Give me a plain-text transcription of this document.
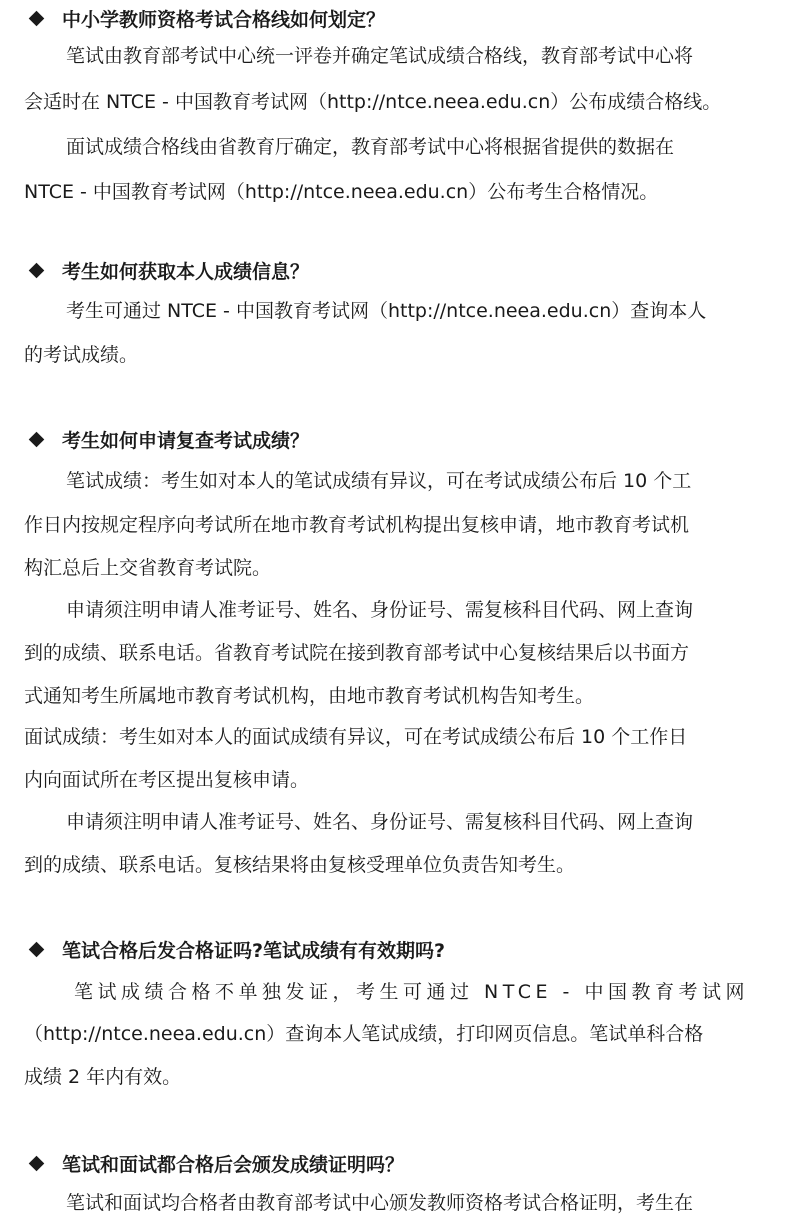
中小学教师资格考试合格线如何划定？
笔试由教育部考试中心统一评卷并确定笔试成绩合格线，教育部考试中心将
会适时在 NTCE - 中国教育考试网（http://ntce.neea.edu.cn）公布成绩合格线。
面试成绩合格线由省教育厅确定，教育部考试中心将根据省提供的数据在
NTCE - 中国教育考试网（http://ntce.neea.edu.cn）公布考生合格情况。
考生如何获取本人成绩信息？
考生可通过 NTCE - 中国教育考试网（http://ntce.neea.edu.cn）查询本人
的考试成绩。
考生如何申请复查考试成绩？
笔试成绩：考生如对本人的笔试成绩有异议，可在考试成绩公布后 10 个工
作日内按规定程序向考试所在地市教育考试机构提出复核申请，地市教育考试机
构汇总后上交省教育考试院。
申请须注明申请人准考证号、姓名、身份证号、需复核科目代码、网上查询
到的成绩、联系电话。省教育考试院在接到教育部考试中心复核结果后以书面方
式通知考生所属地市教育考试机构，由地市教育考试机构告知考生。
面试成绩：考生如对本人的面试成绩有异议，可在考试成绩公布后 10 个工作日
内向面试所在考区提出复核申请。
申请须注明申请人准考证号、姓名、身份证号、需复核科目代码、网上查询
到的成绩、联系电话。复核结果将由复核受理单位负责告知考生。
笔试合格后发合格证吗?笔试成绩有有效期吗?
笔试成绩合格不单独发证，考生可通过 NTCE - 中国教育考试网
（http://ntce.neea.edu.cn）查询本人笔试成绩，打印网页信息。笔试单科合格
成绩 2 年内有效。
笔试和面试都合格后会颁发成绩证明吗？
笔试和面试均合格者由教育部考试中心颁发教师资格考试合格证明，考生在
